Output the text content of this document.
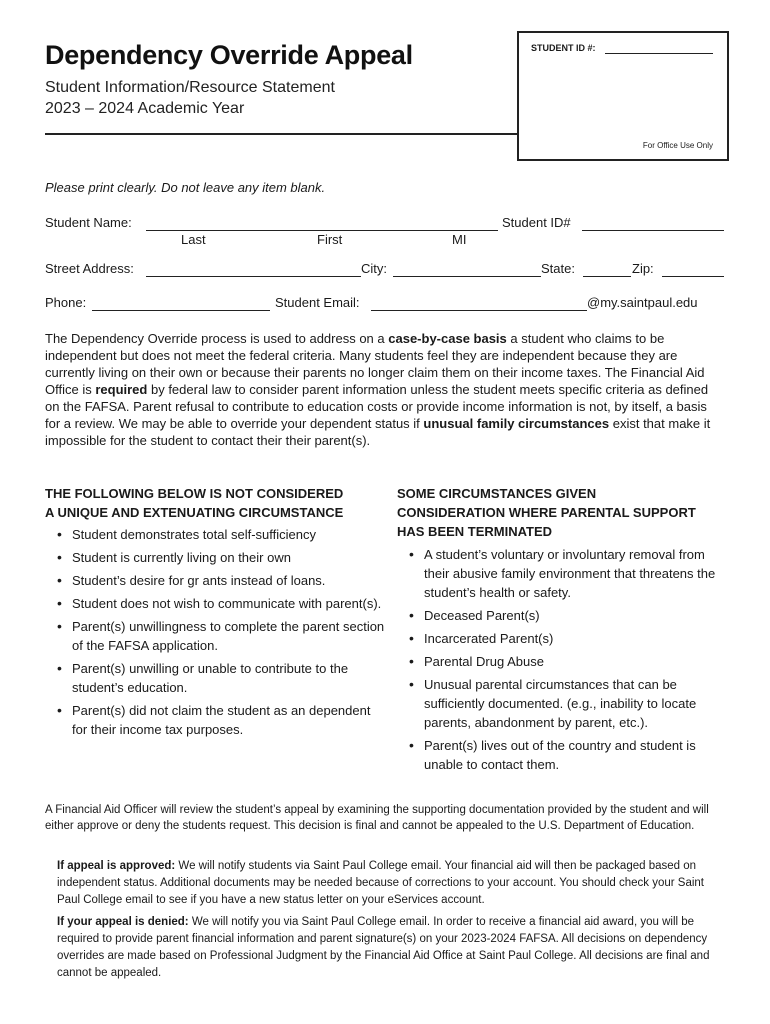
Dependency Override Appeal
Student Information/Resource Statement
2023 – 2024 Academic Year
STUDENT ID #:
For Office Use Only
Please print clearly. Do not leave any item blank.
Student Name:	Student ID#
Last	First	MI
Street Address:	City:	State:	Zip:
Phone:	Student Email:	@my.saintpaul.edu
The Dependency Override process is used to address on a case-by-case basis a student who claims to be independent but does not meet the federal criteria. Many students feel they are independent because they are currently living on their own or because their parents no longer claim them on their income taxes. The Financial Aid Office is required by federal law to consider parent information unless the student meets specific criteria as defined on the FAFSA. Parent refusal to contribute to education costs or provide income information is not, by itself, a basis for a review. We may be able to override your dependent status if unusual family circumstances exist that make it impossible for the student to contact their their parent(s).
THE FOLLOWING BELOW IS NOT CONSIDERED
A UNIQUE AND EXTENUATING CIRCUMSTANCE
• Student demonstrates total self-sufficiency
• Student is currently living on their own
• Student’s desire for gr ants instead of loans.
• Student does not wish to communicate with parent(s).
• Parent(s) unwillingness to complete the parent section of the FAFSA application.
• Parent(s) unwilling or unable to contribute to the student’s education.
• Parent(s) did not claim the student as an dependent for their income tax purposes.
SOME CIRCUMSTANCES GIVEN
CONSIDERATION WHERE PARENTAL SUPPORT
HAS BEEN TERMINATED
• A student’s voluntary or involuntary removal from their abusive family environment that threatens the student’s health or safety.
• Deceased Parent(s)
• Incarcerated Parent(s)
• Parental Drug Abuse
• Unusual parental circumstances that can be sufficiently documented. (e.g., inability to locate parents, abandonment by parent, etc.).
• Parent(s) lives out of the country and student is unable to contact them.
A Financial Aid Officer will review the student’s appeal by examining the supporting documentation provided by the student and will either approve or deny the students request. This decision is final and cannot be appealed to the U.S. Department of Education.
If appeal is approved: We will notify students via Saint Paul College email. Your financial aid will then be packaged based on independent status. Additional documents may be needed because of corrections to your account. You should check your Saint Paul College email to see if you have a new status letter on your eServices account.
If your appeal is denied: We will notify you via Saint Paul College email. In order to receive a financial aid award, you will be required to provide parent financial information and parent signature(s) on your 2023-2024 FAFSA. All decisions on dependency overrides are made based on Professional Judgment by the Financial Aid Office at Saint Paul College. All decisions are final and cannot be appealed.
